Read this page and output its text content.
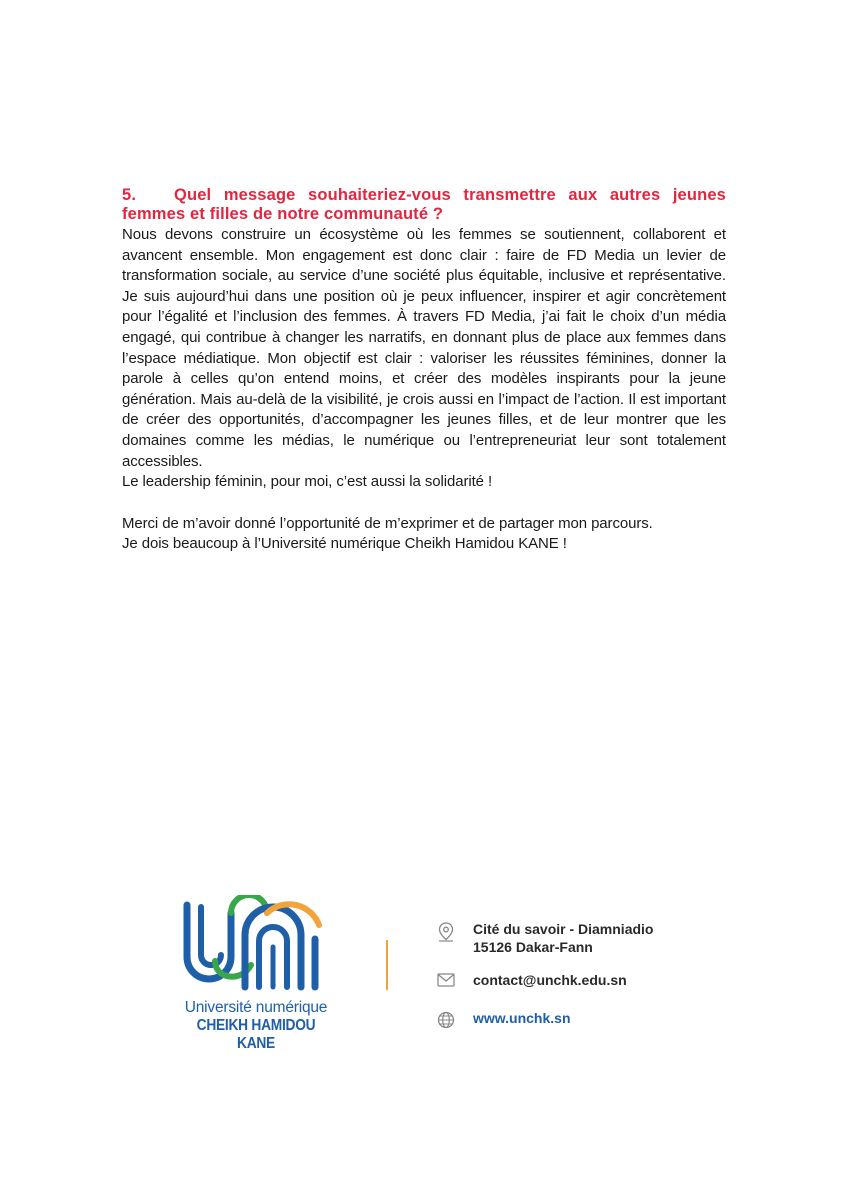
5. Quel message souhaiteriez-vous transmettre aux autres jeunes femmes et filles de notre communauté ?

Nous devons construire un écosystème où les femmes se soutiennent, collaborent et avancent ensemble. Mon engagement est donc clair : faire de FD Media un levier de transformation sociale, au service d’une société plus équitable, inclusive et représentative. Je suis aujourd’hui dans une position où je peux influencer, inspirer et agir concrètement pour l’égalité et l’inclusion des femmes. À travers FD Media, j’ai fait le choix d’un média engagé, qui contribue à changer les narratifs, en donnant plus de place aux femmes dans l’espace médiatique. Mon objectif est clair : valoriser les réussites féminines, donner la parole à celles qu’on entend moins, et créer des modèles inspirants pour la jeune génération. Mais au-delà de la visibilité, je crois aussi en l’impact de l’action. Il est important de créer des opportunités, d’accompagner les jeunes filles, et de leur montrer que les domaines comme les médias, le numérique ou l’entrepreneuriat leur sont totalement accessibles.
Le leadership féminin, pour moi, c’est aussi la solidarité !

Merci de m’avoir donné l’opportunité de m’exprimer et de partager mon parcours.
Je dois beaucoup à l’Université numérique Cheikh Hamidou KANE !

Université numérique
CHEIKH HAMIDOU KANE
Cité du savoir - Diamniadio
15126 Dakar-Fann
contact@unchk.edu.sn
www.unchk.sn
